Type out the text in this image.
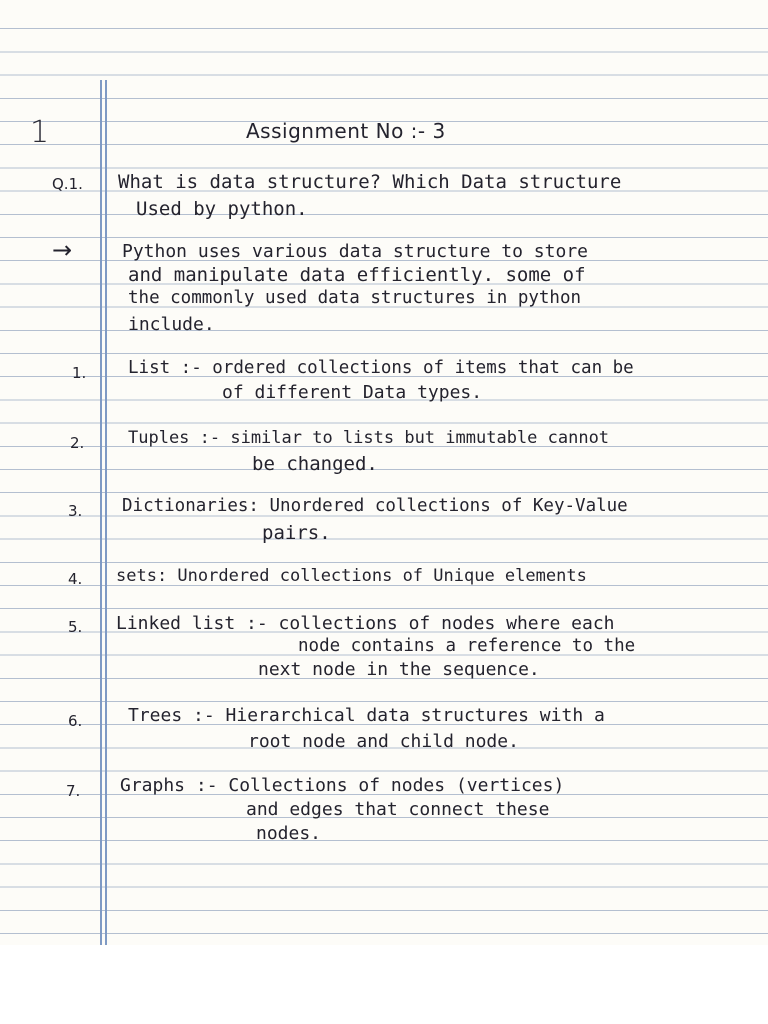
1	Assignment No :- 3
Q.1. What is data structure? Which Data structure
Used by python.
→	Python uses various data structure to store
and manipulate data efficiently. some of
the commonly used data structures in python
include.
1. List :- ordered collections of items that can be
of different Data types.
2.	Tuples :- similar to lists but immutable cannot
be changed.
3. Dictionaries: Unordered collections of Key-Value
pairs.
4. sets: Unordered collections of Unique elements
5. Linked list :- collections of nodes where each
node contains a reference to the
next node in the sequence.
6.	Trees :- Hierarchical data structures with a
root node and child node.
7. Graphs :- Collections of nodes (vertices)
and edges that connect these
nodes.
